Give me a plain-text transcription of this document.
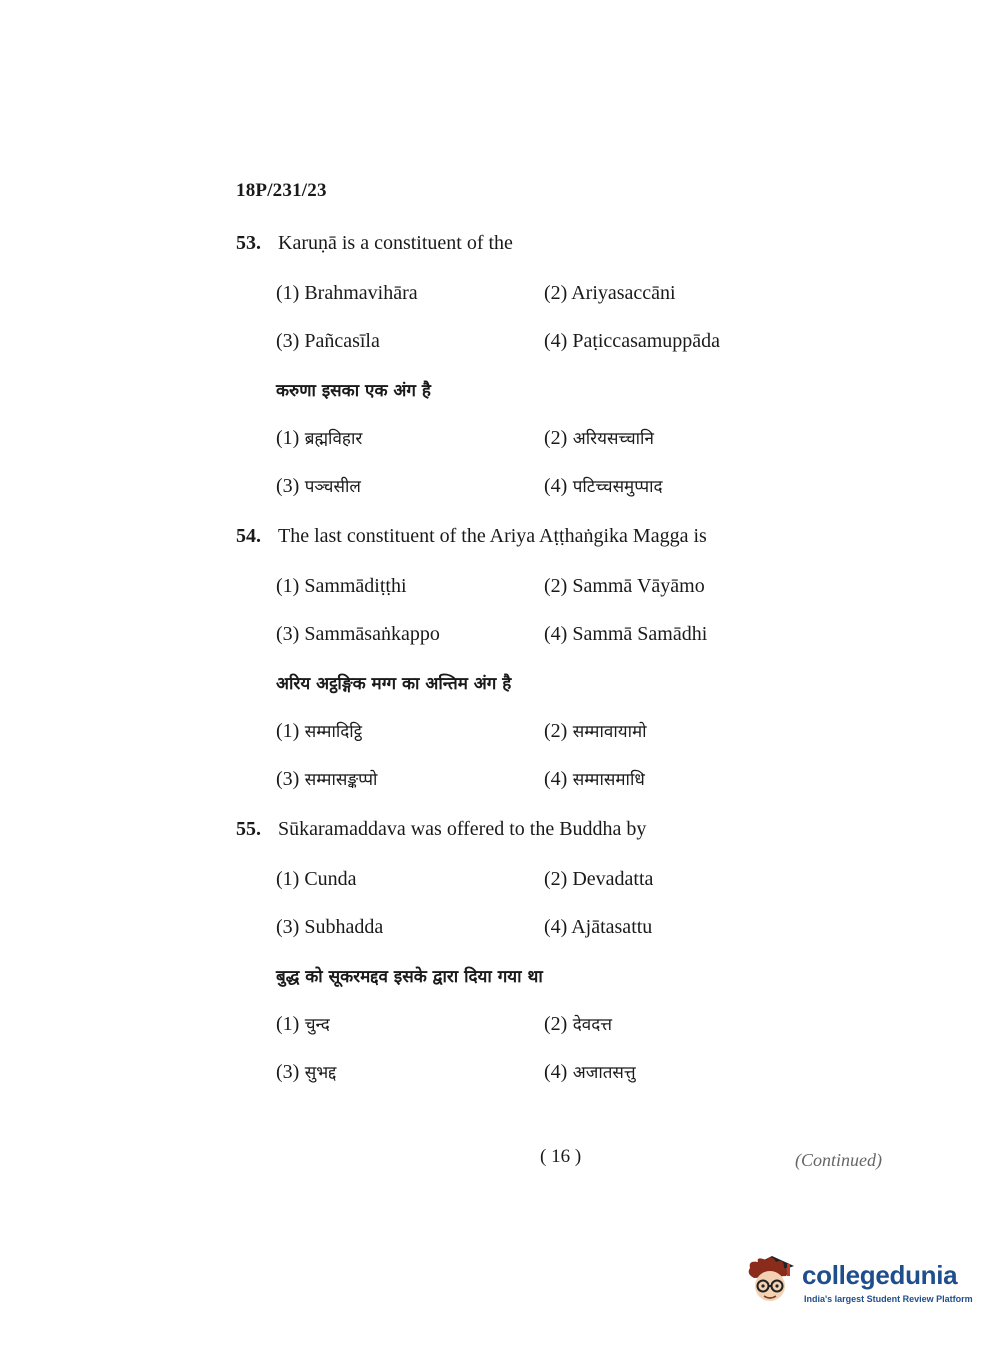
18P/231/23
53. Karuṇā is a constituent of the
(1) Brahmavihāra	(2) Ariyasaccāni
(3) Pañcasīla	(4) Paṭiccasamuppāda
करुणा इसका एक अंग है
(1) ब्रह्मविहार	(2) अरियसच्चानि
(3) पञ्चसील	(4) पटिच्चसमुप्पाद
54. The last constituent of the Ariya Aṭṭhaṅgika Magga is
(1) Sammādiṭṭhi	(2) Sammā Vāyāmo
(3) Sammāsaṅkappo	(4) Sammā Samādhi
अरिय अट्ठङ्गिक मग्ग का अन्तिम अंग है
(1) सम्मादिट्ठि	(2) सम्मावायामो
(3) सम्मासङ्कप्पो	(4) सम्मासमाधि
55. Sūkaramaddava was offered to the Buddha by
(1) Cunda	(2) Devadatta
(3) Subhadda	(4) Ajātasattu
बुद्ध को सूकरमद्दव इसके द्वारा दिया गया था
(1) चुन्द	(2) देवदत्त
(3) सुभद्द	(4) अजातसत्तु
( 16 )	(Continued)
collegedunia
India's largest Student Review Platform
